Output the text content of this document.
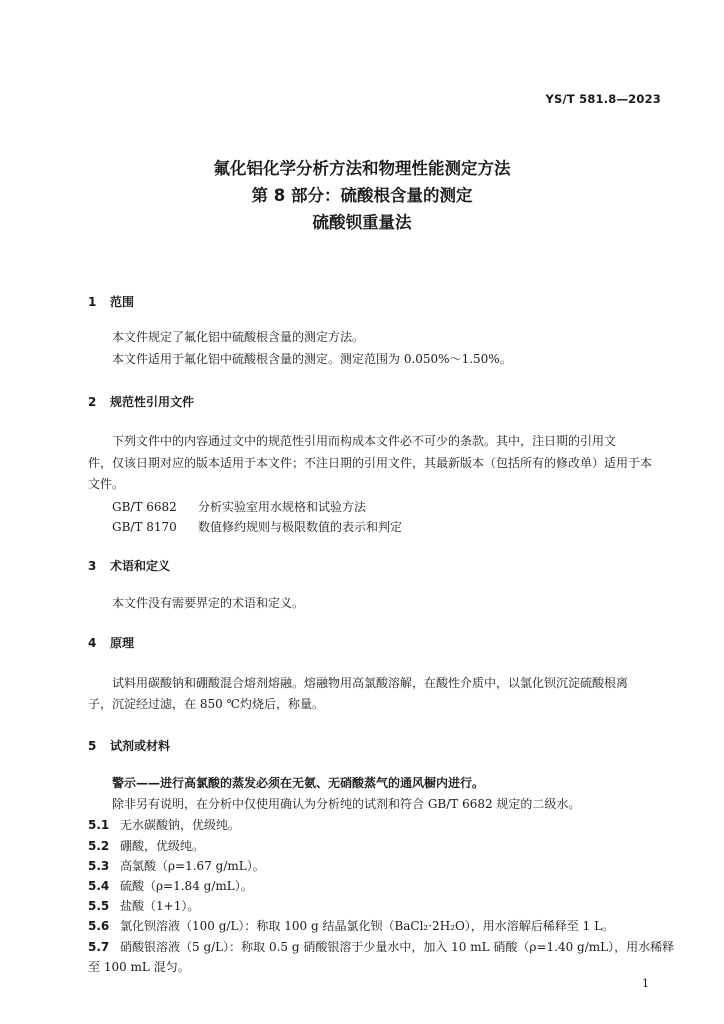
YS/T 581.8—2023
氟化铝化学分析方法和物理性能测定方法
第 8 部分：硫酸根含量的测定
硫酸钡重量法
1 范围
本文件规定了氟化铝中硫酸根含量的测定方法。
本文件适用于氟化铝中硫酸根含量的测定。测定范围为 0.050%～1.50%。
2 规范性引用文件
下列文件中的内容通过文中的规范性引用而构成本文件必不可少的条款。其中，注日期的引用文
件，仅该日期对应的版本适用于本文件；不注日期的引用文件，其最新版本（包括所有的修改单）适用于本
文件。
GB/T 6682 分析实验室用水规格和试验方法
GB/T 8170 数值修约规则与极限数值的表示和判定
3 术语和定义
本文件没有需要界定的术语和定义。
4 原理
试料用碳酸钠和硼酸混合熔剂熔融。熔融物用高氯酸溶解，在酸性介质中，以氯化钡沉淀硫酸根离
子，沉淀经过滤，在 850 ℃灼烧后，称量。
5 试剂或材料
警示——进行高氯酸的蒸发必须在无氨、无硝酸蒸气的通风橱内进行。
除非另有说明，在分析中仅使用确认为分析纯的试剂和符合 GB/T 6682 规定的二级水。
5.1 无水碳酸钠，优级纯。
5.2 硼酸，优级纯。
5.3 高氯酸（ρ=1.67 g/mL）。
5.4 硫酸（ρ=1.84 g/mL）。
5.5 盐酸（1+1）。
5.6 氯化钡溶液（100 g/L）：称取 100 g 结晶氯化钡（BaCl₂·2H₂O），用水溶解后稀释至 1 L。
5.7 硝酸银溶液（5 g/L）：称取 0.5 g 硝酸银溶于少量水中，加入 10 mL 硝酸（ρ=1.40 g/mL），用水稀释
至 100 mL 混匀。
1
